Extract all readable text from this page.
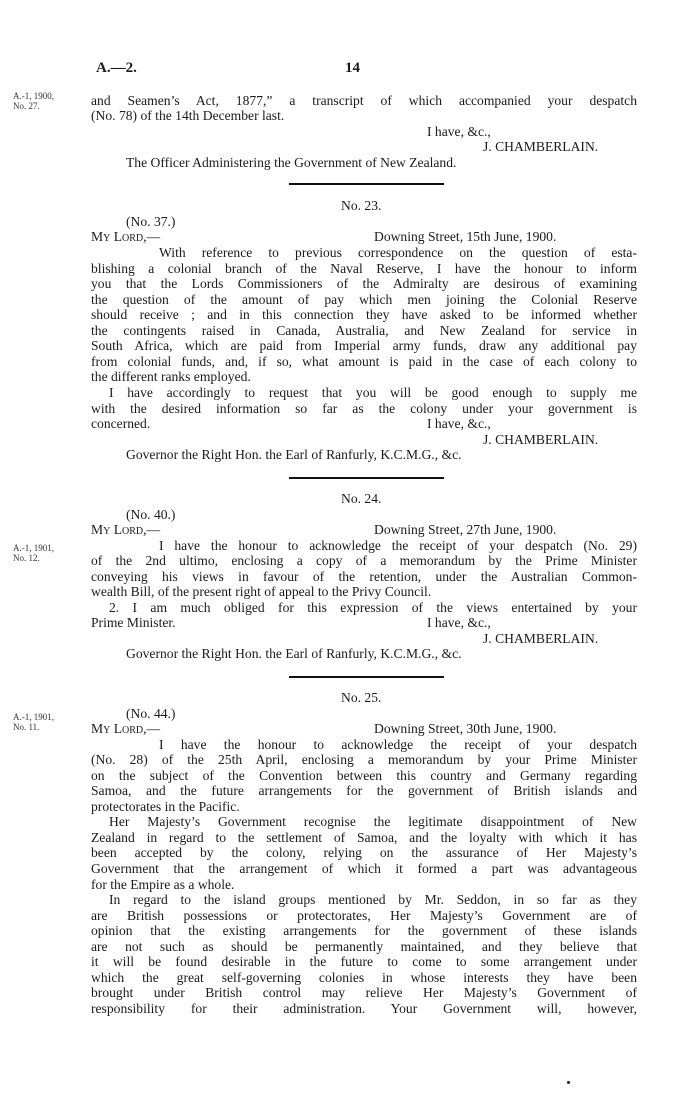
A.—2.	14
A.-1, 1900,
No. 27.
A.-1, 1901,
No. 12.
A.-1, 1901,
No. 11.
and Seamen’s Act, 1877,” a transcript of which accompanied your despatch
(No. 78) of the 14th December last.
I have, &c.,
J. CHAMBERLAIN.
The Officer Administering the Government of New Zealand.
No. 23.
(No. 37.)
My Lord,—	Downing Street, 15th June, 1900.
With reference to previous correspondence on the question of esta-
blishing a colonial branch of the Naval Reserve, I have the honour to inform
you that the Lords Commissioners of the Admiralty are desirous of examining
the question of the amount of pay which men joining the Colonial Reserve
should receive ; and in this connection they have asked to be informed whether
the contingents raised in Canada, Australia, and New Zealand for service in
South Africa, which are paid from Imperial army funds, draw any additional pay
from colonial funds, and, if so, what amount is paid in the case of each colony to
the different ranks employed.
I have accordingly to request that you will be good enough to supply me
with the desired information so far as the colony under your government is
concerned.	I have, &c.,
J. CHAMBERLAIN.
Governor the Right Hon. the Earl of Ranfurly, K.C.M.G., &c.
No. 24.
(No. 40.)
My Lord,—	Downing Street, 27th June, 1900.
I have the honour to acknowledge the receipt of your despatch (No. 29)
of the 2nd ultimo, enclosing a copy of a memorandum by the Prime Minister
conveying his views in favour of the retention, under the Australian Common-
wealth Bill, of the present right of appeal to the Privy Council.
2. I am much obliged for this expression of the views entertained by your
Prime Minister.	I have, &c.,
J. CHAMBERLAIN.
Governor the Right Hon. the Earl of Ranfurly, K.C.M.G., &c.
No. 25.
(No. 44.)
My Lord,—	Downing Street, 30th June, 1900.
I have the honour to acknowledge the receipt of your despatch
(No. 28) of the 25th April, enclosing a memorandum by your Prime Minister
on the subject of the Convention between this country and Germany regarding
Samoa, and the future arrangements for the government of British islands and
protectorates in the Pacific.
Her Majesty’s Government recognise the legitimate disappointment of New
Zealand in regard to the settlement of Samoa, and the loyalty with which it has
been accepted by the colony, relying on the assurance of Her Majesty’s
Government that the arrangement of which it formed a part was advantageous
for the Empire as a whole.
In regard to the island groups mentioned by Mr. Seddon, in so far as they
are British possessions or protectorates, Her Majesty’s Government are of
opinion that the existing arrangements for the government of these islands
are not such as should be permanently maintained, and they believe that
it will be found desirable in the future to come to some arrangement under
which the great self-governing colonies in whose interests they have been
brought under British control may relieve Her Majesty’s Government of
responsibility for their administration. Your Government will, however,
